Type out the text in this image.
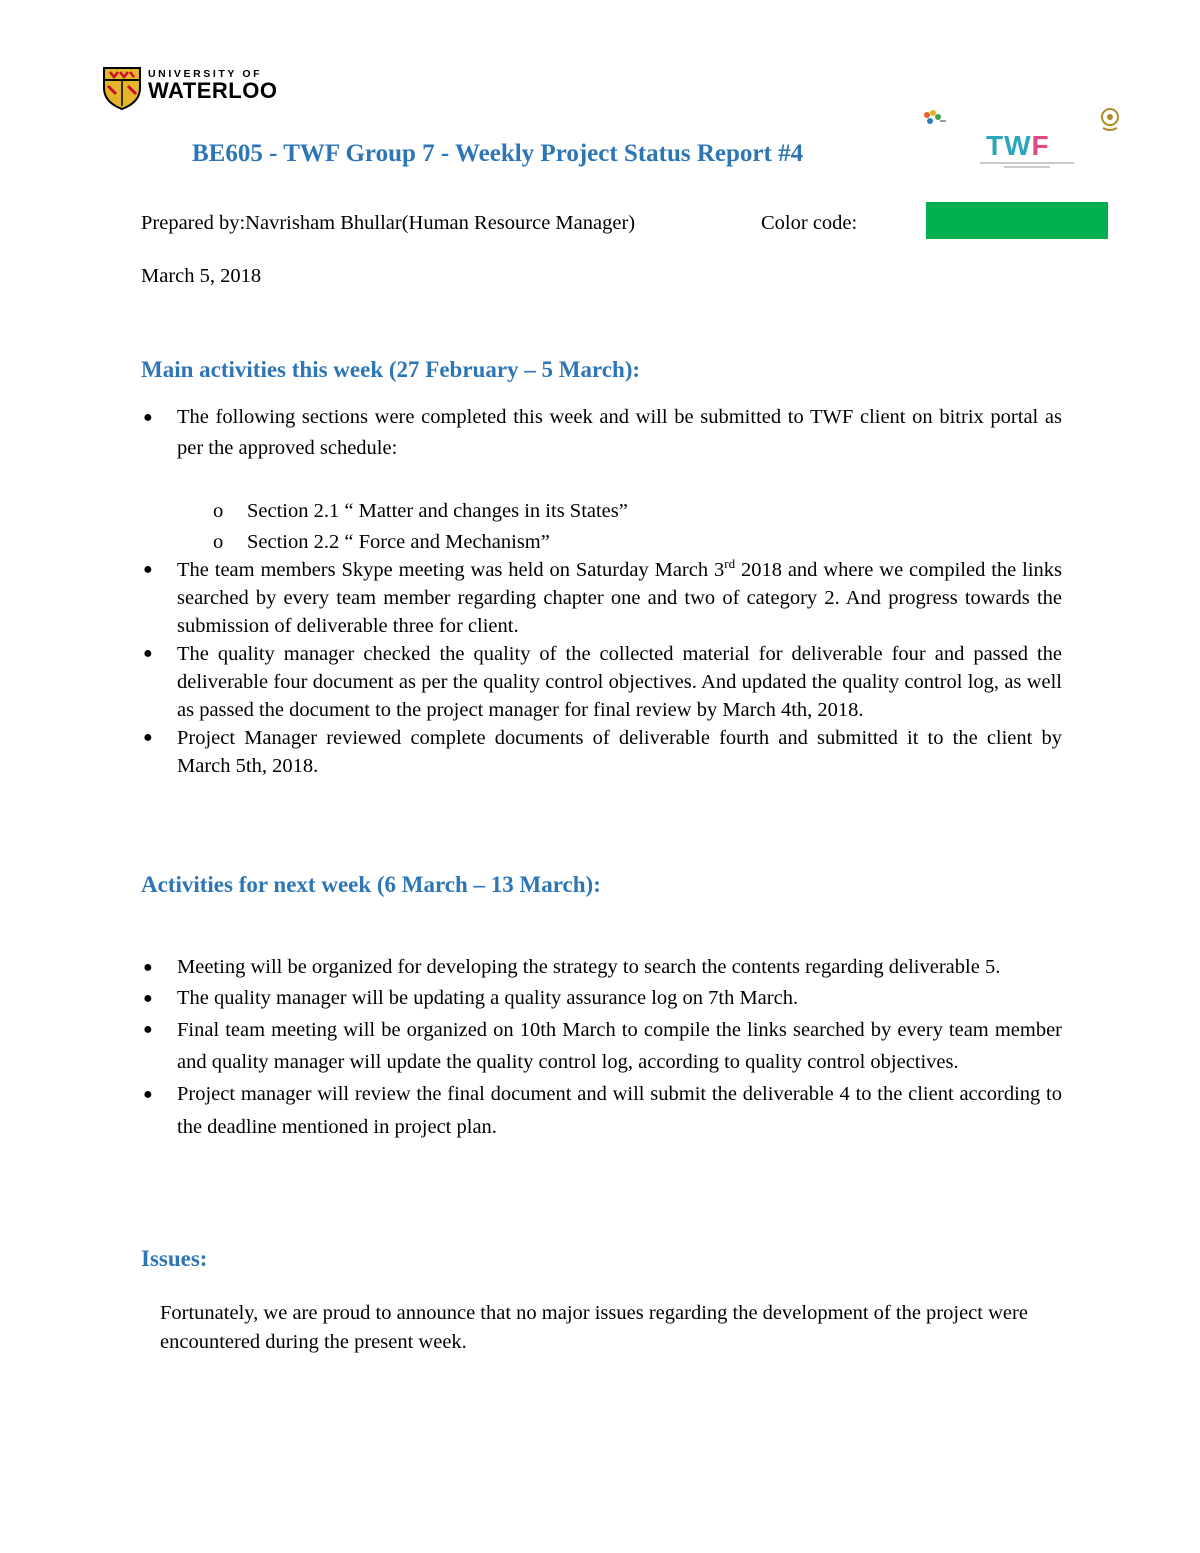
UNIVERSITY OF
WATERLOO
TWF
BE605 - TWF Group 7 - Weekly Project Status Report #4
Prepared by:Navrisham Bhullar(Human Resource Manager)	Color code:
March 5, 2018
Main activities this week (27 February – 5 March):
● The following sections were completed this week and will be submitted to TWF client on bitrix portal as per the approved schedule:
o Section 2.1 “ Matter and changes in its States”
o Section 2.2 “ Force and Mechanism”
● The team members Skype meeting was held on Saturday March 3rd 2018 and where we compiled the links searched by every team member regarding chapter one and two of category 2. And progress towards the submission of deliverable three for client.
● The quality manager checked the quality of the collected material for deliverable four and passed the deliverable four document as per the quality control objectives. And updated the quality control log, as well as passed the document to the project manager for final review by March 4th, 2018.
● Project Manager reviewed complete documents of deliverable fourth and submitted it to the client by March 5th, 2018.
Activities for next week (6 March – 13 March):
● Meeting will be organized for developing the strategy to search the contents regarding deliverable 5.
● The quality manager will be updating a quality assurance log on 7th March.
● Final team meeting will be organized on 10th March to compile the links searched by every team member and quality manager will update the quality control log, according to quality control objectives.
● Project manager will review the final document and will submit the deliverable 4 to the client according to the deadline mentioned in project plan.
Issues:

Fortunately, we are proud to announce that no major issues regarding the development of the project were encountered during the present week.
